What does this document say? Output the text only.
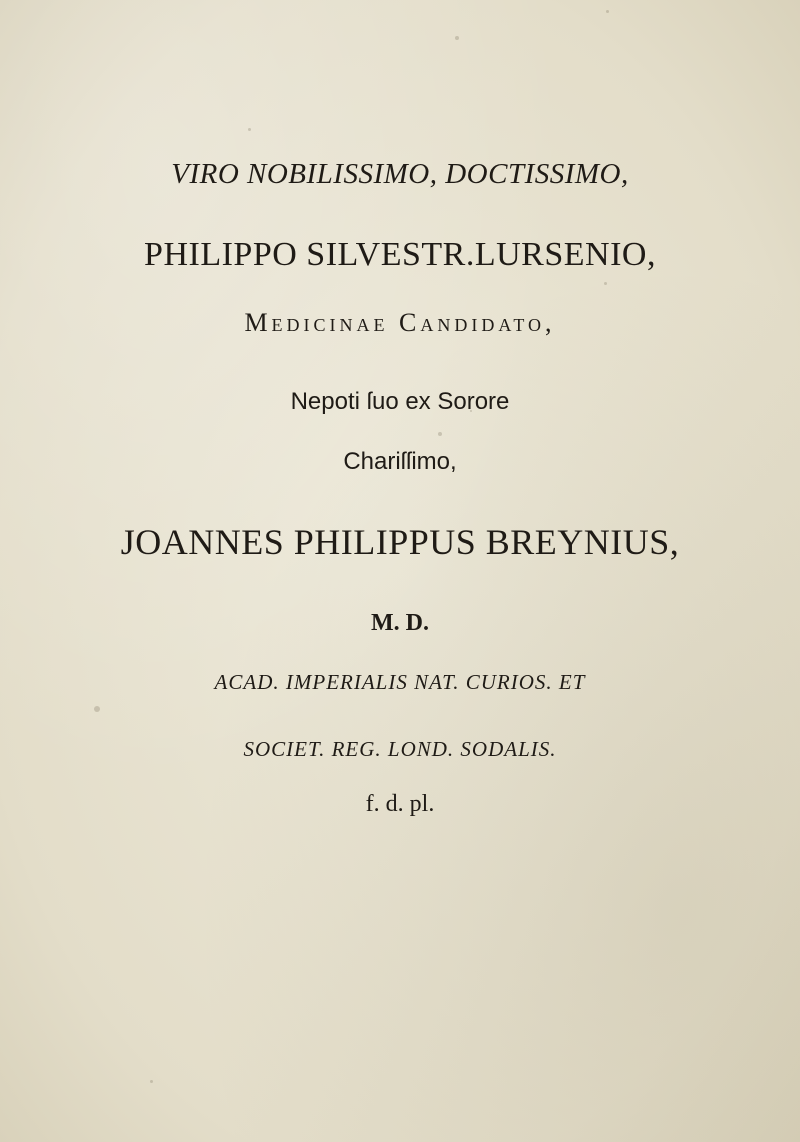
VIRO NOBILISSIMO, DOCTISSIMO,
PHILIPPO SILVESTR.LURSENIO,
Medicinae Candidato,
Nepoti ſuo ex Sorore
Chariſſimo,
JOANNES PHILIPPUS BREYNIUS,
M. D.
ACAD. IMPERIALIS NAT. CURIOS. ET
SOCIET. REG. LOND. SODALIS.
f. d. pl.
